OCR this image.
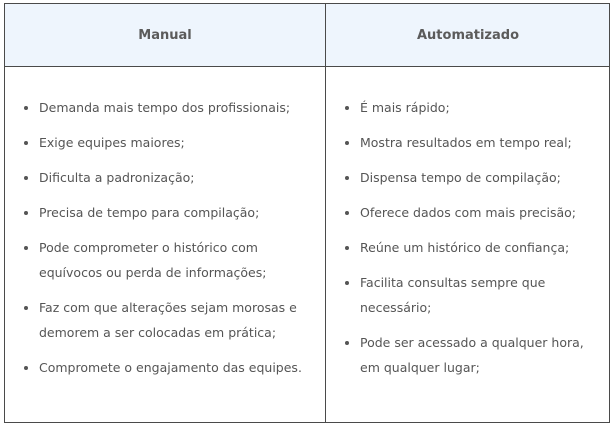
Manual	Automatizado
Demanda mais tempo dos profissionais;
Exige equipes maiores;
Dificulta a padronização;
Precisa de tempo para compilação;
Pode comprometer o histórico com equívocos ou perda de informações;
Faz com que alterações sejam morosas e demorem a ser colocadas em prática;
Compromete o engajamento das equipes.
É mais rápido;
Mostra resultados em tempo real;
Dispensa tempo de compilação;
Oferece dados com mais precisão;
Reúne um histórico de confiança;
Facilita consultas sempre que necessário;
Pode ser acessado a qualquer hora, em qualquer lugar;
